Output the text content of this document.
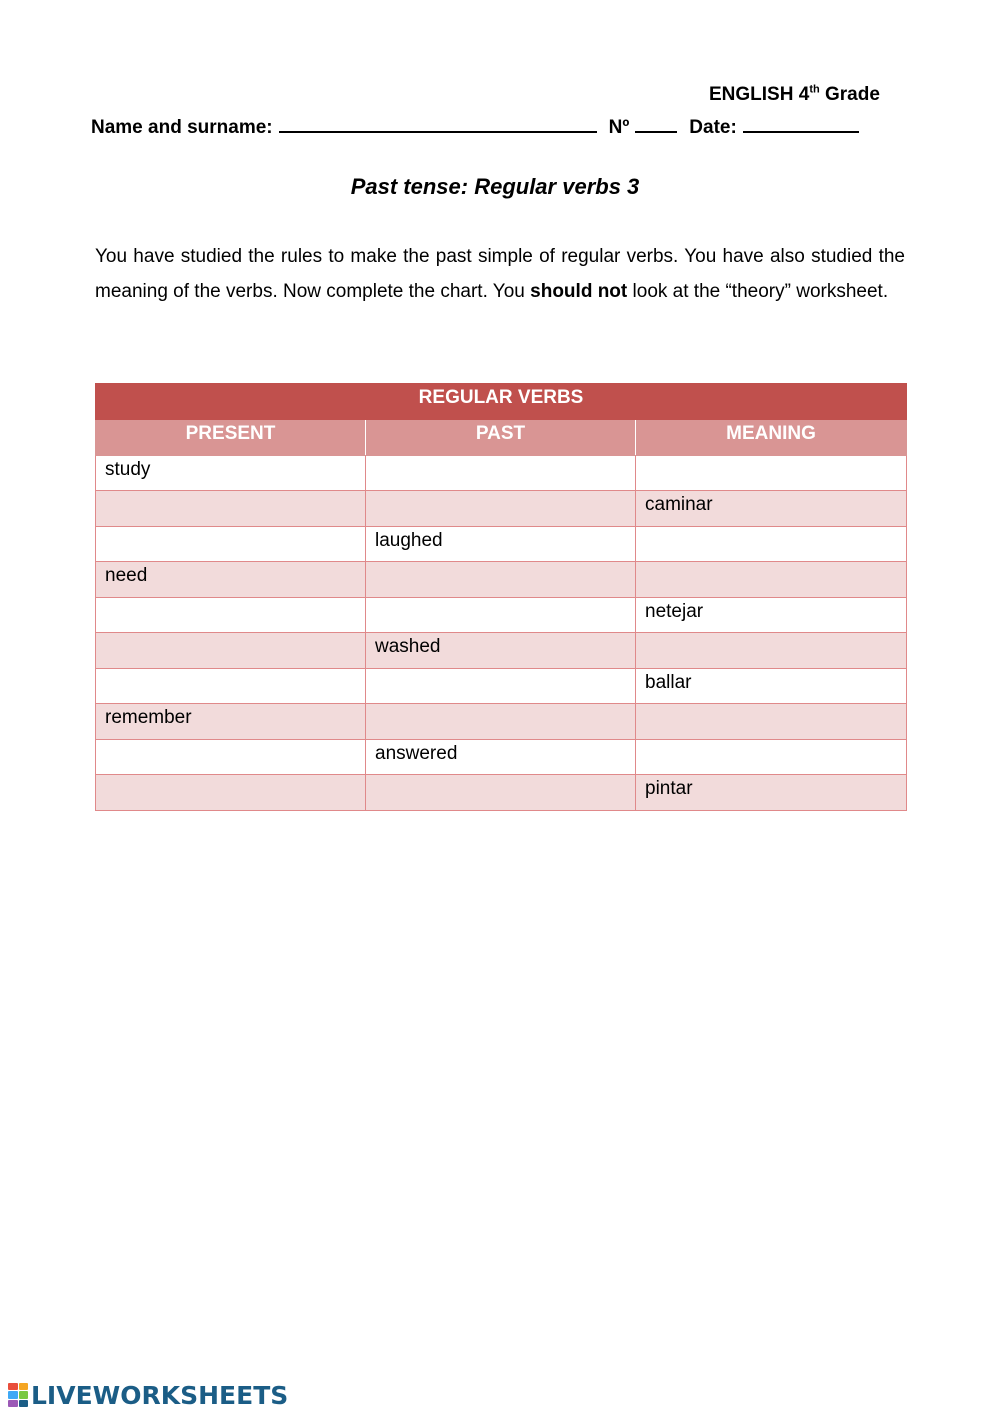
ENGLISH 4th Grade
Name and surname:	Nº	Date:
Past tense: Regular verbs 3
You have studied the rules to make the past simple of regular verbs. You have also studied the meaning of the verbs. Now complete the chart. You should not look at the “theory” worksheet.
REGULAR VERBS		
PRESENT	PAST	MEANING
study		
		caminar
	laughed	
need		
		netejar
	washed	
		ballar
remember		
	answered	
		pintar
LIVEWORKSHEETS
